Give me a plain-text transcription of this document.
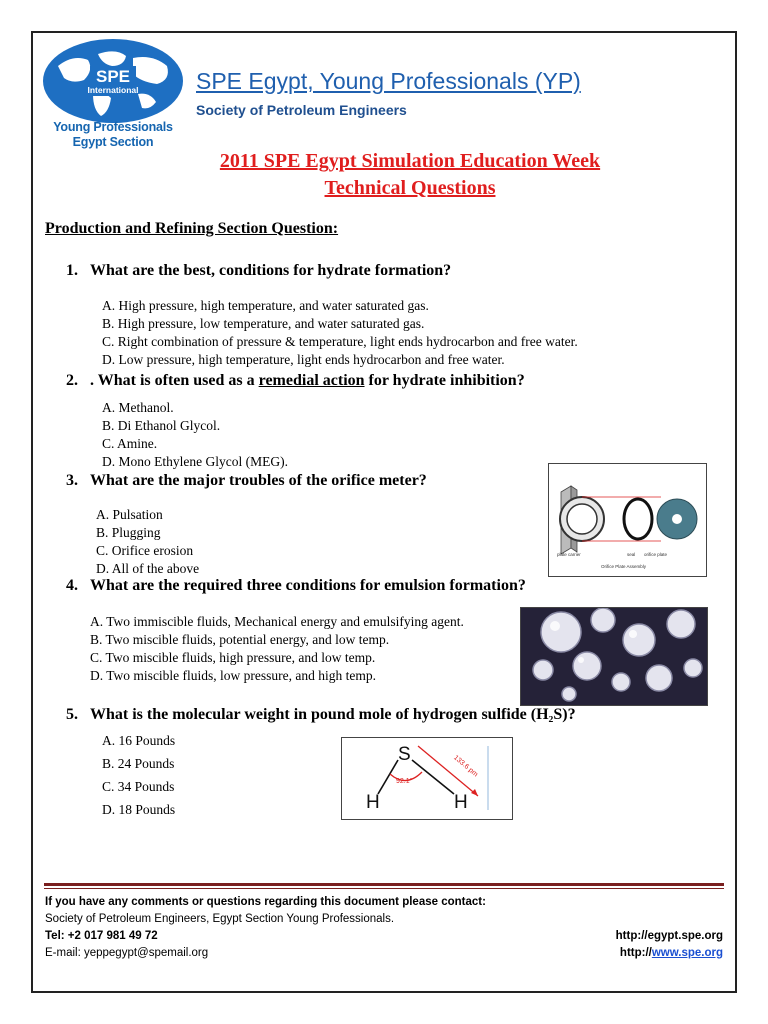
SPE
International
Young Professionals
Egypt Section
SPE Egypt, Young Professionals (YP)
Society of Petroleum Engineers
2011 SPE Egypt Simulation Education Week
Technical Questions
Production and Refining Section Question:
1. What are the best, conditions for hydrate formation?
A. High pressure, high temperature, and water saturated gas.
B. High pressure, low temperature, and water saturated gas.
C. Right combination of pressure & temperature, light ends hydrocarbon and free water.
D. Low pressure, high temperature, light ends hydrocarbon and free water.
2. . What is often used as a remedial action for hydrate inhibition?
A. Methanol.
B. Di Ethanol Glycol.
C. Amine.
D. Mono Ethylene Glycol (MEG).
3. What are the major troubles of the orifice meter?
A. Pulsation
B. Plugging
C. Orifice erosion
D. All of the above
plate carrier	seal orifice plate
Orifice Plate Assembly
4. What are the required three conditions for emulsion formation?
A. Two immiscible fluids, Mechanical energy and emulsifying agent.
B. Two miscible fluids, potential energy, and low temp.
C. Two miscible fluids, high pressure, and low temp.
D. Two miscible fluids, low pressure, and high temp.
5. What is the molecular weight in pound mole of hydrogen sulfide (H₂S)?
A. 16 Pounds
B. 24 Pounds
C. 34 Pounds
D. 18 Pounds
S
H	H
92.1°
133.6 pm
If you have any comments or questions regarding this document please contact:
Society of Petroleum Engineers, Egypt Section Young Professionals.
Tel: +2 017 981 49 72
E-mail: yeppegypt@spemail.org
http://egypt.spe.org
http://www.spe.org
